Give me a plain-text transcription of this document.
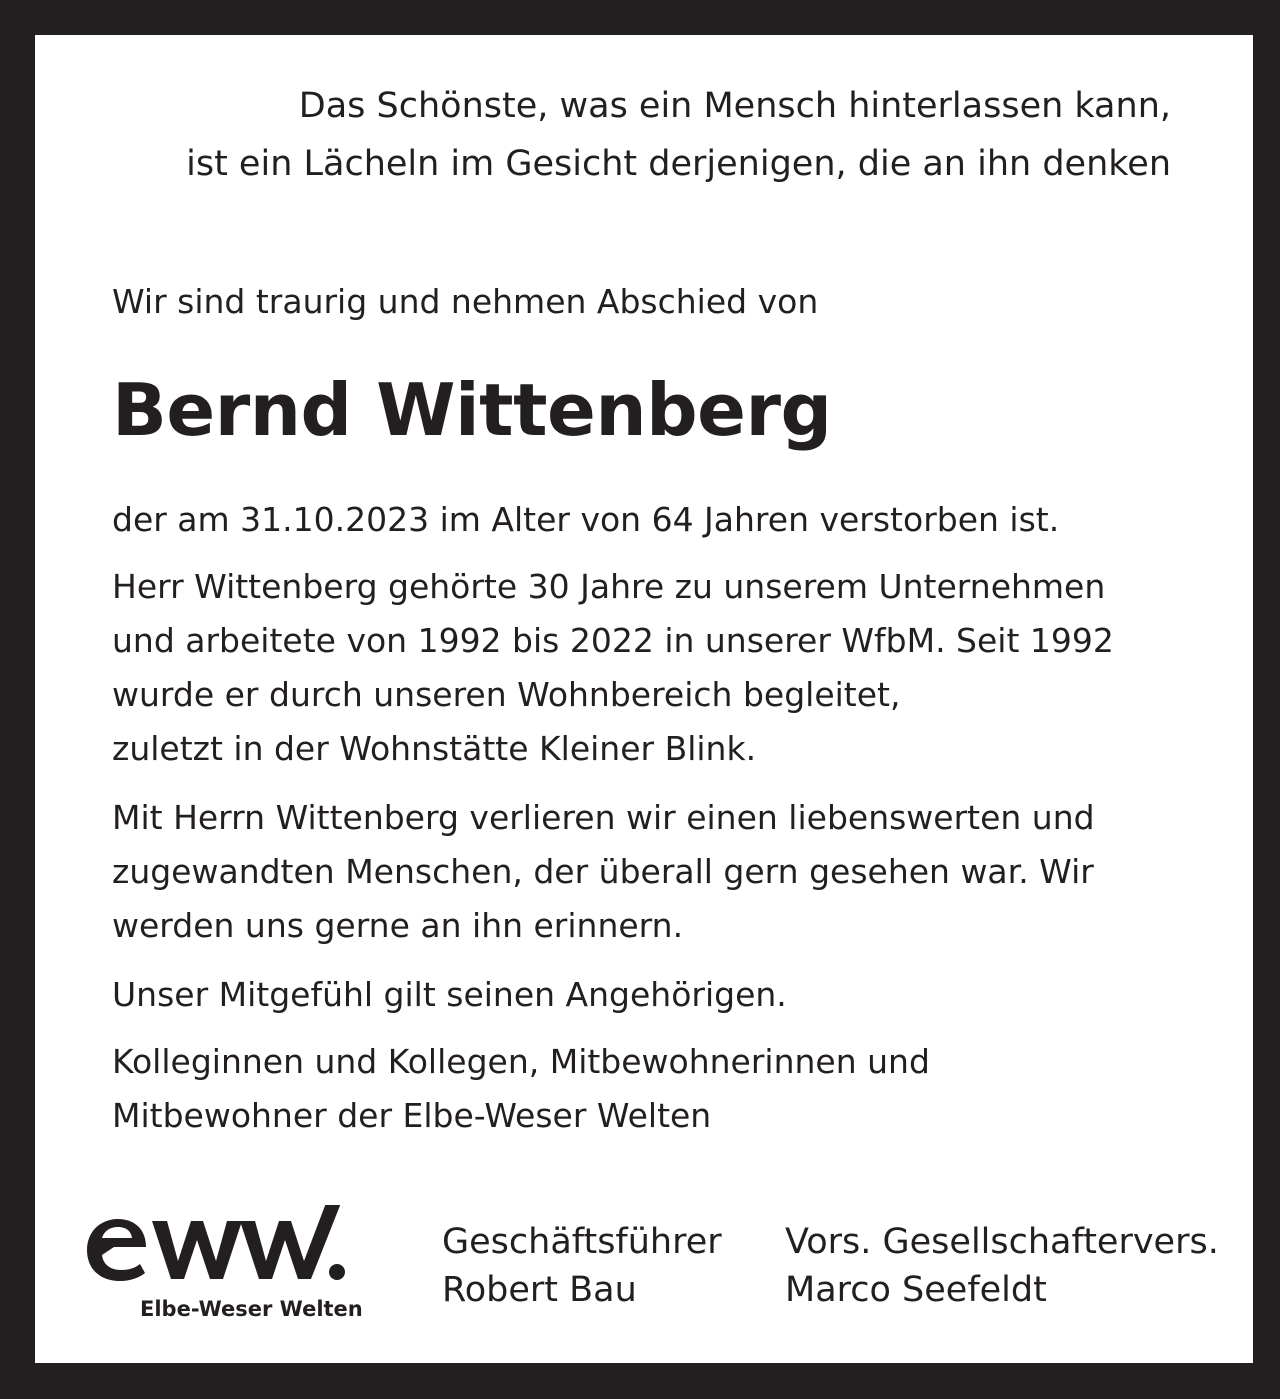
Das Schönste, was ein Mensch hinterlassen kann,
ist ein Lächeln im Gesicht derjenigen, die an ihn denken

Wir sind traurig und nehmen Abschied von

Bernd Wittenberg

der am 31.10.2023 im Alter von 64 Jahren verstorben ist.

Herr Wittenberg gehörte 30 Jahre zu unserem Unternehmen
und arbeitete von 1992 bis 2022 in unserer WfbM. Seit 1992
wurde er durch unseren Wohnbereich begleitet,
zuletzt in der Wohnstätte Kleiner Blink.
Mit Herrn Wittenberg verlieren wir einen liebenswerten und
zugewandten Menschen, der überall gern gesehen war. Wir
werden uns gerne an ihn erinnern.

Unser Mitgefühl gilt seinen Angehörigen.

Kolleginnen und Kollegen, Mitbewohnerinnen und
Mitbewohner der Elbe-Weser Welten
Elbe-Weser Welten
Geschäftsführer
Robert Bau
Vors. Gesellschaftervers.
Marco Seefeldt
